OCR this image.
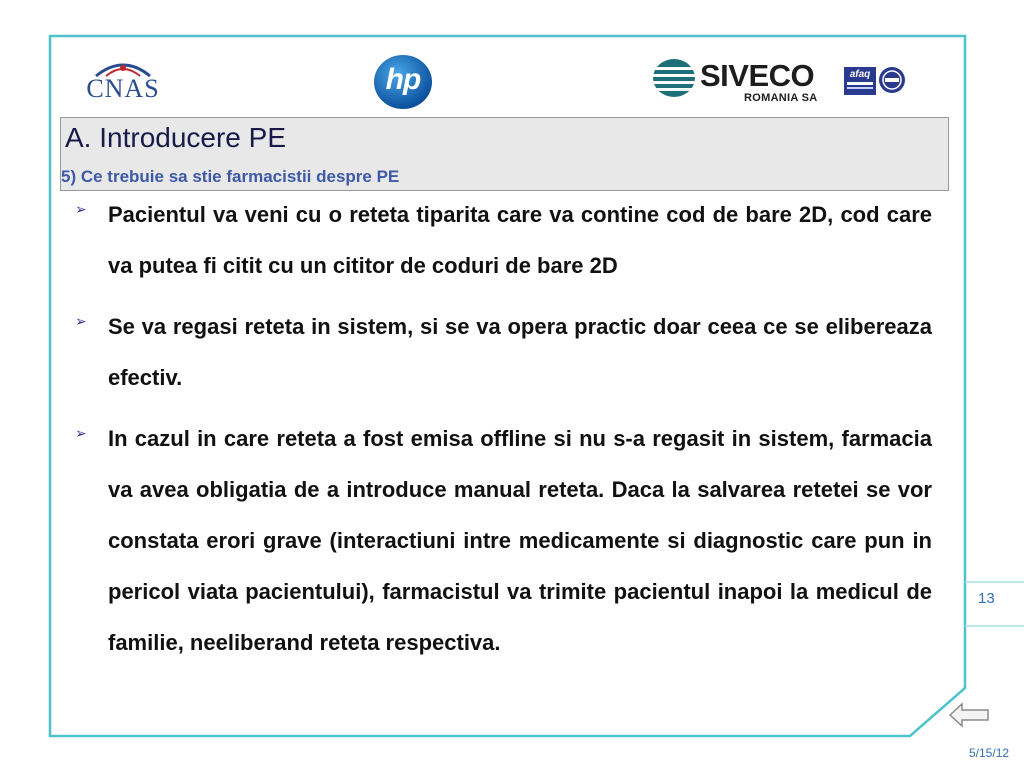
CNAS	hp	SIVECO
ROMANIA SA
afaq
A. Introducere PE
5) Ce trebuie sa stie farmacistii despre PE
➢ Pacientul va veni cu o reteta tiparita care va contine cod de bare 2D, cod care va putea fi citit cu un cititor de coduri de bare 2D
➢ Se va regasi reteta in sistem, si se va opera practic doar ceea ce se elibereaza efectiv.
➢ In cazul in care reteta a fost emisa offline si nu s-a regasit in sistem, farmacia va avea obligatia de a introduce manual reteta. Daca la salvarea retetei se vor constata erori grave (interactiuni intre medicamente si diagnostic care pun in pericol viata pacientului), farmacistul va trimite pacientul inapoi la medicul de familie, neeliberand reteta respectiva.
13
5/15/12
